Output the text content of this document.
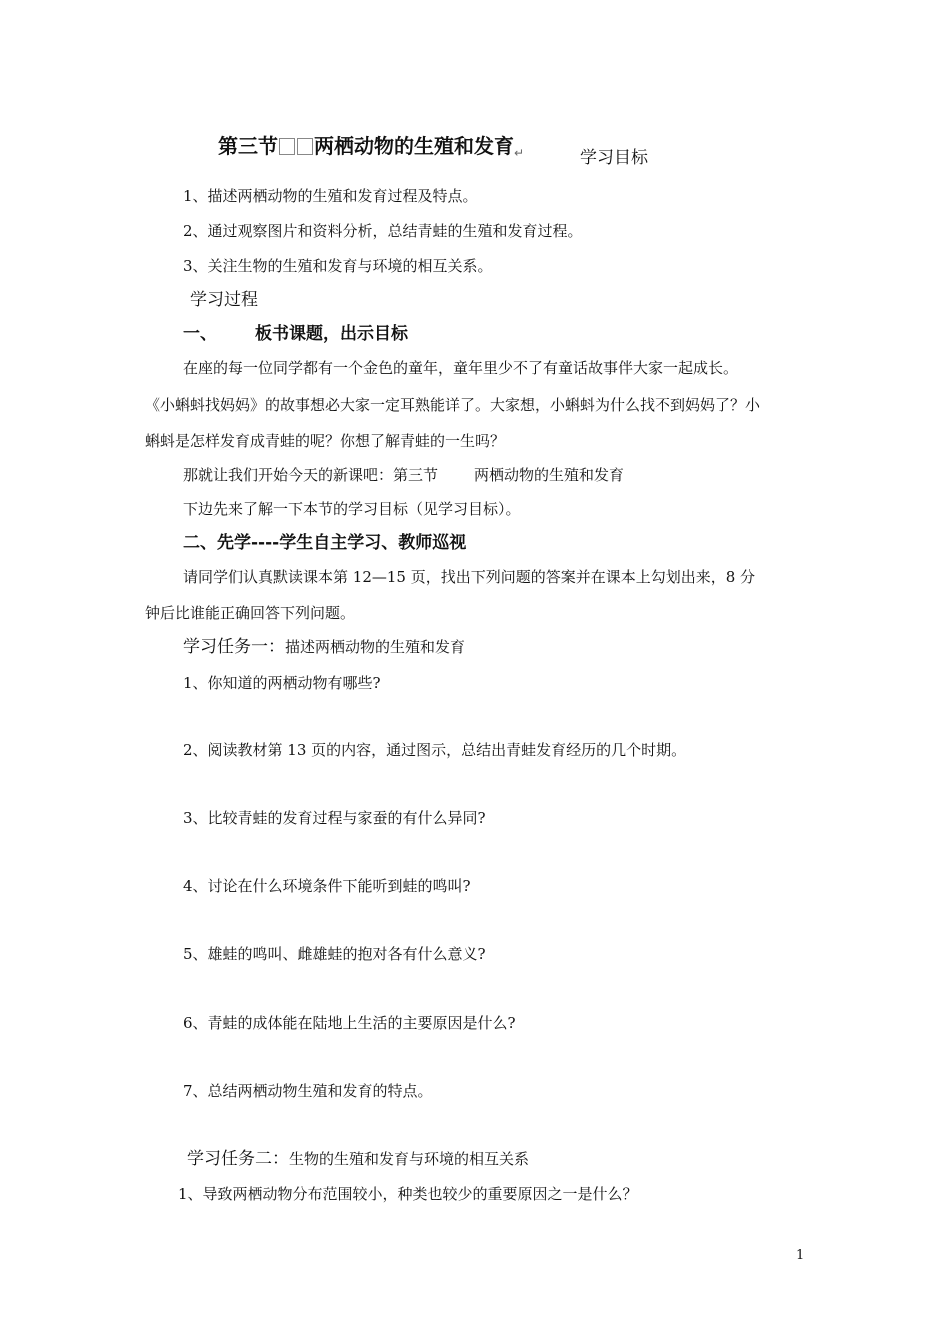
第三节 两栖动物的生殖和发育$_↵$	学习目标
1、描述两栖动物的生殖和发育过程及特点。
2、通过观察图片和资料分析，总结青蛙的生殖和发育过程。
3、关注生物的生殖和发育与环境的相互关系。
学习过程
一、 板书课题，出示目标
在座的每一位同学都有一个金色的童年，童年里少不了有童话故事伴大家一起成长。
《小蝌蚪找妈妈》的故事想必大家一定耳熟能详了。大家想，小蝌蚪为什么找不到妈妈了？小
蝌蚪是怎样发育成青蛙的呢？你想了解青蛙的一生吗？
那就让我们开始今天的新课吧：第三节 两栖动物的生殖和发育
下边先来了解一下本节的学习目标（见学习目标）。
二、先学----学生自主学习、教师巡视
请同学们认真默读课本第 12—15 页，找出下列问题的答案并在课本上勾划出来，8 分
钟后比谁能正确回答下列问题。
学习任务一：描述两栖动物的生殖和发育
1、你知道的两栖动物有哪些?
2、阅读教材第 13 页的内容，通过图示，总结出青蛙发育经历的几个时期。
3、比较青蛙的发育过程与家蚕的有什么异同?
4、讨论在什么环境条件下能听到蛙的鸣叫?
5、雄蛙的鸣叫、雌雄蛙的抱对各有什么意义?
6、青蛙的成体能在陆地上生活的主要原因是什么?
7、总结两栖动物生殖和发育的特点。
学习任务二：生物的生殖和发育与环境的相互关系
1、导致两栖动物分布范围较小，种类也较少的重要原因之一是什么？
1
